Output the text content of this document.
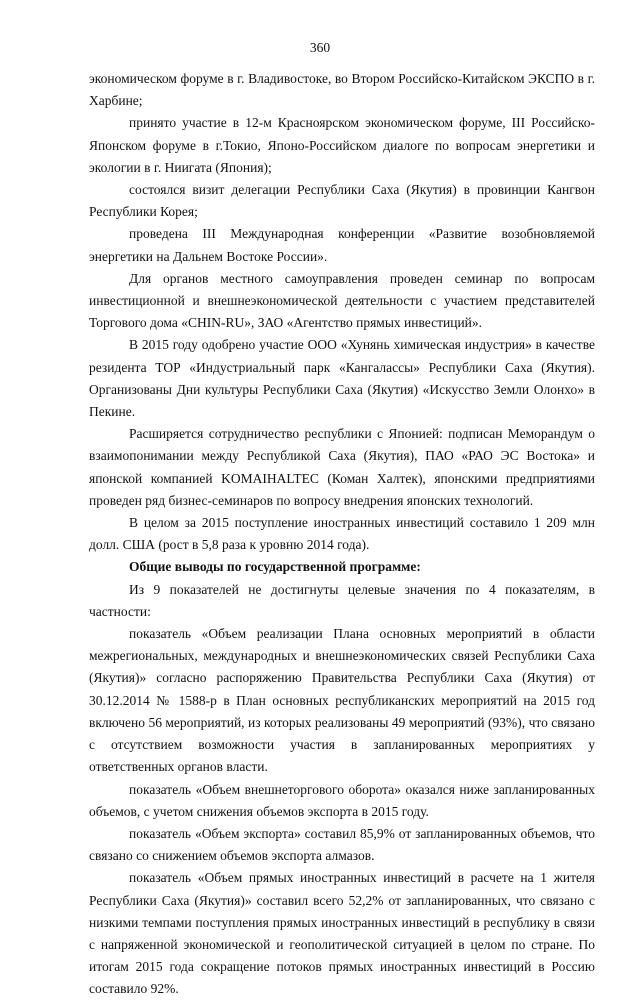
360

экономическом форуме в г. Владивостоке, во Втором Российско-Китайском ЭКСПО в г. Харбине;

принято участие в 12-м Красноярском экономическом форуме, III Российско-Японском форуме в г.Токио, Японо-Российском диалоге по вопросам энергетики и экологии в г. Ниигата (Япония);

состоялся визит делегации Республики Саха (Якутия) в провинции Кангвон Республики Корея;

проведена III Международная конференции «Развитие возобновляемой энергетики на Дальнем Востоке России».

Для органов местного самоуправления проведен семинар по вопросам инвестиционной и внешнеэкономической деятельности с участием представителей Торгового дома «CHIN-RU», ЗАО «Агентство прямых инвестиций».

В 2015 году одобрено участие ООО «Хунянь химическая индустрия» в качестве резидента ТОР «Индустриальный парк «Кангалассы» Республики Саха (Якутия). Организованы Дни культуры Республики Саха (Якутия) «Искусство Земли Олонхо» в Пекине.

Расширяется сотрудничество республики с Японией: подписан Меморандум о взаимопонимании между Республикой Саха (Якутия), ПАО «РАО ЭС Востока» и японской компанией KOMAIHALTEC (Коман Халтек), японскими предприятиями проведен ряд бизнес-семинаров по вопросу внедрения японских технологий.

В целом за 2015 поступление иностранных инвестиций составило 1 209 млн долл. США (рост в 5,8 раза к уровню 2014 года).

Общие выводы по государственной программе:

Из 9 показателей не достигнуты целевые значения по 4 показателям, в частности:

показатель «Объем реализации Плана основных мероприятий в области межрегиональных, международных и внешнеэкономических связей Республики Саха (Якутия)» согласно распоряжению Правительства Республики Саха (Якутия) от 30.12.2014 № 1588-р в План основных республиканских мероприятий на 2015 год включено 56 мероприятий, из которых реализованы 49 мероприятий (93%), что связано с отсутствием возможности участия в запланированных мероприятиях у ответственных органов власти.

показатель «Объем внешнеторгового оборота» оказался ниже запланированных объемов, с учетом снижения объемов экспорта в 2015 году.

показатель «Объем экспорта» составил 85,9% от запланированных объемов, что связано со снижением объемов экспорта алмазов.

показатель «Объем прямых иностранных инвестиций в расчете на 1 жителя Республики Саха (Якутия)» составил всего 52,2% от запланированных, что связано с низкими темпами поступления прямых иностранных инвестиций в республику в связи с напряженной экономической и геополитической ситуацией в целом по стране. По итогам 2015 года сокращение потоков прямых иностранных инвестиций в Россию составило 92%.
